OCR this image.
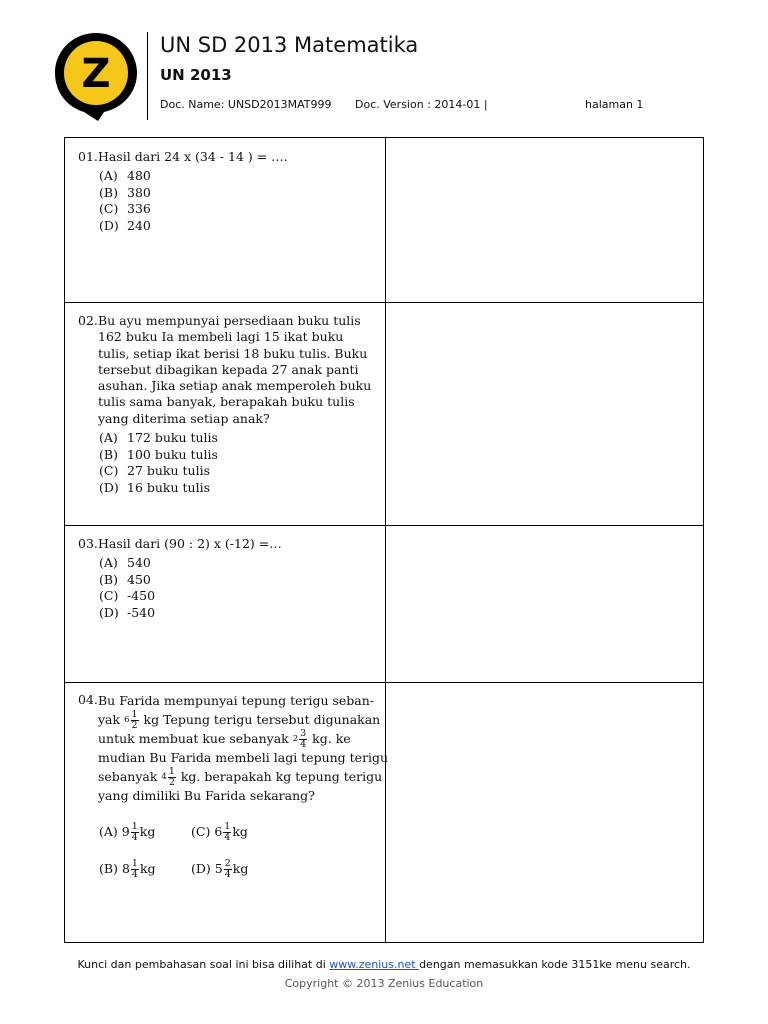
Z
UN SD 2013 Matematika
UN 2013
Doc. Name: UNSD2013MAT999 Doc. Version : 2014-01 |	halaman 1
01. Hasil dari 24 x (34 - 14 ) = ….
(A) 480
(B) 380
(C) 336
(D) 240
02. Bu ayu mempunyai persediaan buku tulis 162 buku Ia membeli lagi 15 ikat buku tulis, setiap ikat berisi 18 buku tulis. Buku tersebut dibagikan kepada 27 anak panti asuhan. Jika setiap anak memperoleh buku tulis sama banyak, berapakah buku tulis yang diterima setiap anak?
(A) 172 buku tulis
(B) 100 buku tulis
(C) 27 buku tulis
(D) 16 buku tulis
03. Hasil dari (90 : 2) x (-12) =…
(A) 540
(B) 450
(C) -450
(D) -540
04. Bu Farida mempunyai tepung terigu seban-
yak
$6 \frac{1}{2}$
kg Tepung terigu tersebut digunakan
untuk membuat kue sebanyak
$2 \frac{3}{4}$
kg. ke
mudian Bu Farida membeli lagi tepung terigu
sebanyak
$4 \frac{1}{2}$
kg. berapakah kg tepung terigu
yang dimiliki Bu Farida sekarang?
(A)
$9 \frac{1}{4}$ kg	(C)
$6 \frac{1}{4}$ kg
(B)
$8 \frac{1}{4}$ kg	(D)
$5 \frac{2}{4}$ kg
Kunci dan pembahasan soal ini bisa dilihat di www.zenius.net dengan memasukkan kode 3151ke menu search.
Copyright © 2013 Zenius Education
